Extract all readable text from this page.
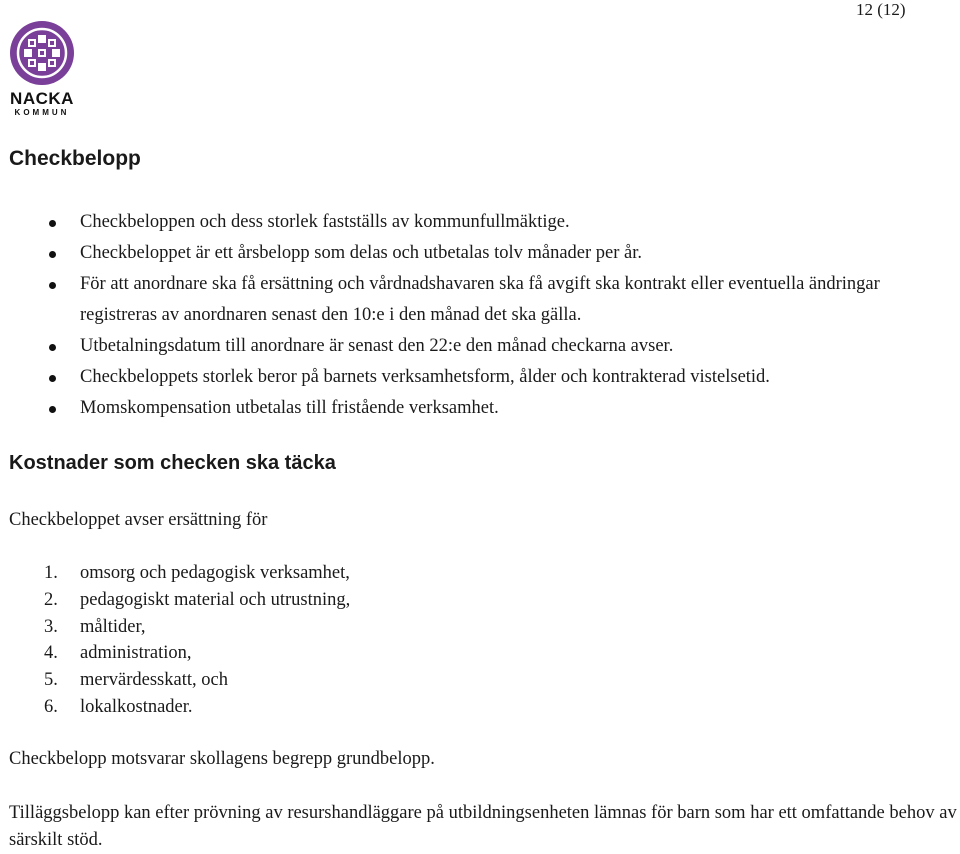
12 (12)
NACKA
KOMMUN
Checkbelopp
Checkbeloppen och dess storlek fastställs av kommunfullmäktige.
Checkbeloppet är ett årsbelopp som delas och utbetalas tolv månader per år.
För att anordnare ska få ersättning och vårdnadshavaren ska få avgift ska kontrakt eller eventuella ändringar registreras av anordnaren senast den 10:e i den månad det ska gälla.
Utbetalningsdatum till anordnare är senast den 22:e den månad checkarna avser.
Checkbeloppets storlek beror på barnets verksamhetsform, ålder och kontrakterad vistelsetid.
Momskompensation utbetalas till fristående verksamhet.
Kostnader som checken ska täcka

Checkbeloppet avser ersättning för

1. omsorg och pedagogisk verksamhet,
2. pedagogiskt material och utrustning,
3. måltider,
4. administration,
5. mervärdesskatt, och
6. lokalkostnader.

Checkbelopp motsvarar skollagens begrepp grundbelopp.

Tilläggsbelopp kan efter prövning av resurshandläggare på utbildningsenheten lämnas för barn som har ett omfattande behov av särskilt stöd.
